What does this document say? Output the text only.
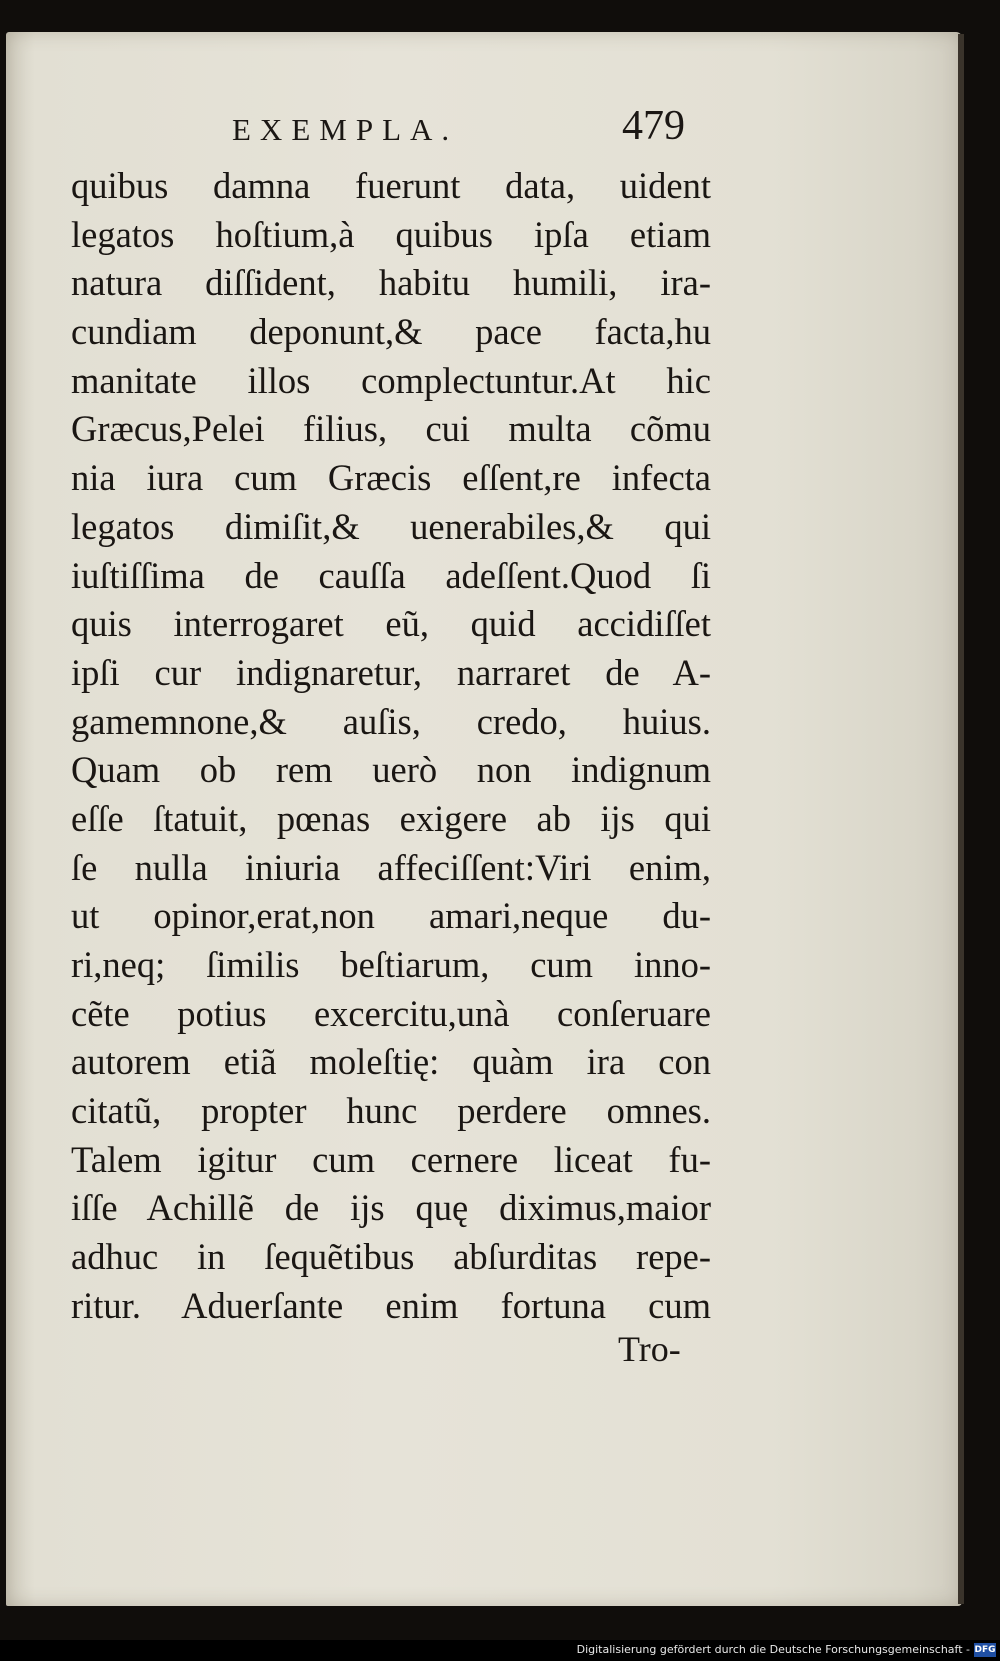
EXEMPLA.	479
quibus damna fuerunt data, uident
legatos hoſtium,à quibus ipſa etiam
natura diſſident, habitu humili, ira-
cundiam deponunt,& pace facta,hu
manitate illos complectuntur.At hic
Græcus,Pelei filius, cui multa cõmu
nia iura cum Græcis eſſent,re infecta
legatos dimiſit,& uenerabiles,& qui
iuſtiſſima de cauſſa adeſſent.Quod ſi
quis interrogaret eũ, quid accidiſſet
ipſi cur indignaretur, narraret de A-
gamemnone,& auſis, credo, huius.
Quam ob rem uerò non indignum
eſſe ſtatuit, pœnas exigere ab ijs qui
ſe nulla iniuria affeciſſent:Viri enim,
ut opinor,erat,non amari,neque du-
ri,neq; ſimilis beſtiarum, cum inno-
cẽte potius excercitu,unà conſeruare
autorem etiã moleſtię: quàm ira con
citatũ, propter hunc perdere omnes.
Talem igitur cum cernere liceat fu-
iſſe Achillẽ de ijs quę diximus,maior
adhuc in ſequẽtibus abſurditas repe-
ritur. Aduerſante enim fortuna cum
Tro-
Digitalisierung gefördert durch die Deutsche Forschungsgemeinschaft - DFG
